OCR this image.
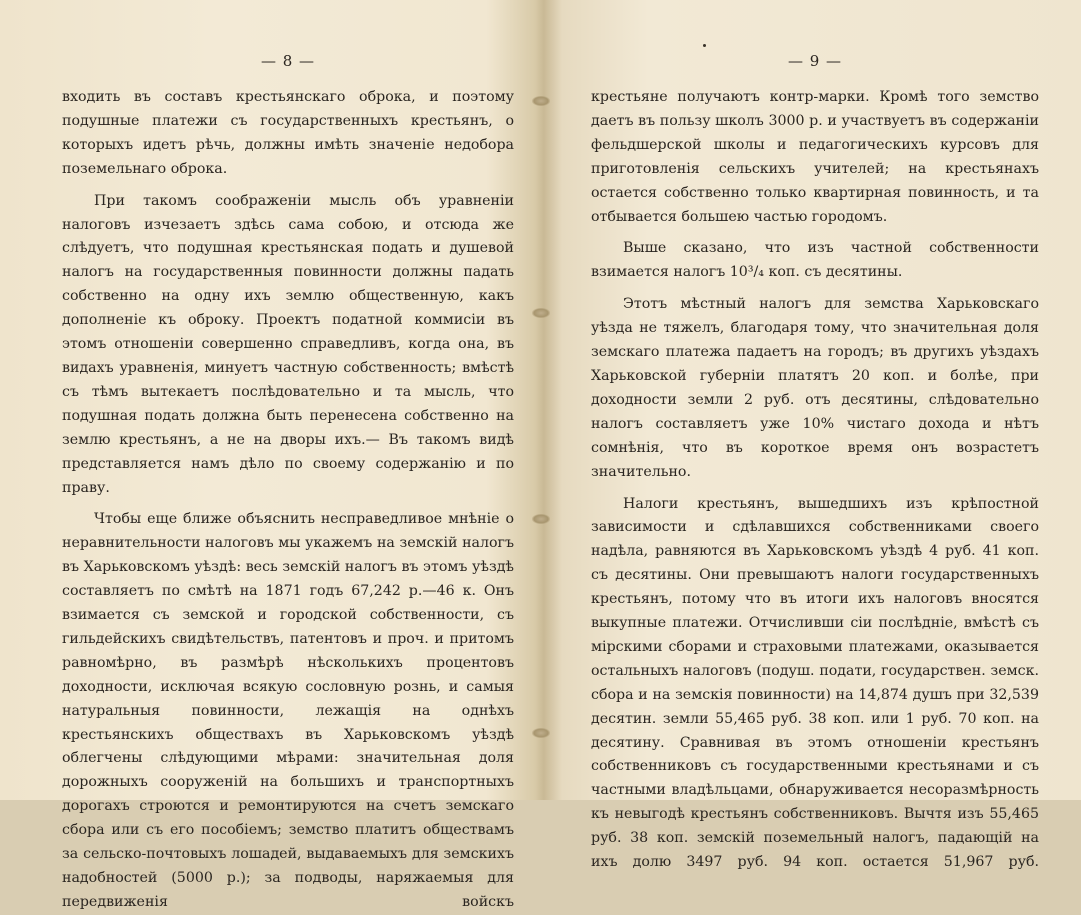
— 8 —

входить въ составъ крестьянскаго оброка, и поэтому подушные платежи съ государственныхъ крестьянъ, о которыхъ идетъ рѣчь, должны имѣть значеніе недобора поземельнаго оброка.

При такомъ соображеніи мысль объ уравненіи налоговъ изчезаетъ здѣсь сама собою, и отсюда же слѣдуетъ, что подушная крестьянская подать и душевой налогъ на государственныя повинности должны падать собственно на одну ихъ землю общественную, какъ дополненіе къ оброку. Проектъ податной коммисіи въ этомъ отношеніи совершенно справедливъ, когда она, въ видахъ уравненія, минуетъ частную собственность; вмѣстѣ съ тѣмъ вытекаетъ послѣдовательно и та мысль, что подушная подать должна быть перенесена собственно на землю крестьянъ, а не на дворы ихъ.— Въ такомъ видѣ представляется намъ дѣло по своему содержанію и по праву.

Чтобы еще ближе объяснить несправедливое мнѣніе о неравнительности налоговъ мы укажемъ на земскій налогъ въ Харьковскомъ уѣздѣ: весь земскій налогъ въ этомъ уѣздѣ составляетъ по смѣтѣ на 1871 годъ 67,242 р.—46 к. Онъ взимается съ земской и городской собственности, съ гильдейскихъ свидѣтельствъ, патентовъ и проч. и притомъ равномѣрно, въ размѣрѣ нѣсколькихъ процентовъ доходности, исключая всякую сословную рознь, и самыя натуральныя повинности, лежащія на однѣхъ крестьянскихъ обществахъ въ Харьковскомъ уѣздѣ облегчены слѣдующими мѣрами: значительная доля дорожныхъ сооруженій на большихъ и транспортныхъ дорогахъ строются и ремонтируются на счетъ земскаго сбора или съ его пособіемъ; земство платитъ обществамъ за сельско-почтовыхъ лошадей, выдаваемыхъ для земскихъ надобностей (5000 р.); за подводы, наряжаемыя для передвиженія войскъ

— 9 —

крестьяне получаютъ контр-марки. Кромѣ того земство даетъ въ пользу школъ 3000 р. и участвуетъ въ содержаніи фельдшерской школы и педагогическихъ курсовъ для приготовленія сельскихъ учителей; на крестьянахъ остается собственно только квартирная повинность, и та отбывается большею частью городомъ.

Выше сказано, что изъ частной собственности взимается налогъ 10³/₄ коп. съ десятины.

Этотъ мѣстный налогъ для земства Харьковскаго уѣзда не тяжелъ, благодаря тому, что значительная доля земскаго платежа падаетъ на городъ; въ другихъ уѣздахъ Харьковской губерніи платятъ 20 коп. и болѣе, при доходности земли 2 руб. отъ десятины, слѣдовательно налогъ составляетъ уже 10% чистаго дохода и нѣтъ сомнѣнія, что въ короткое время онъ возрастетъ значительно.

Налоги крестьянъ, вышедшихъ изъ крѣпостной зависимости и сдѣлавшихся собственниками своего надѣла, равняются въ Харьковскомъ уѣздѣ 4 руб. 41 коп. съ десятины. Они превышаютъ налоги государственныхъ крестьянъ, потому что въ итоги ихъ налоговъ вносятся выкупные платежи. Отчисливши сіи послѣдніе, вмѣстѣ съ мірскими сборами и страховыми платежами, оказывается остальныхъ налоговъ (подуш. подати, государствен. земск. сбора и на земскія повинности) на 14,874 душъ при 32,539 десятин. земли 55,465 руб. 38 коп. или 1 руб. 70 коп. на десятину. Сравнивая въ этомъ отношеніи крестьянъ собственниковъ съ государственными крестьянами и съ частными владѣльцами, обнаруживается несоразмѣрность къ невыгодѣ крестьянъ собственниковъ. Вычтя изъ 55,465 руб. 38 коп. земскій поземельный налогъ, падающій на ихъ долю 3497 руб. 94 коп. остается 51,967 руб.
